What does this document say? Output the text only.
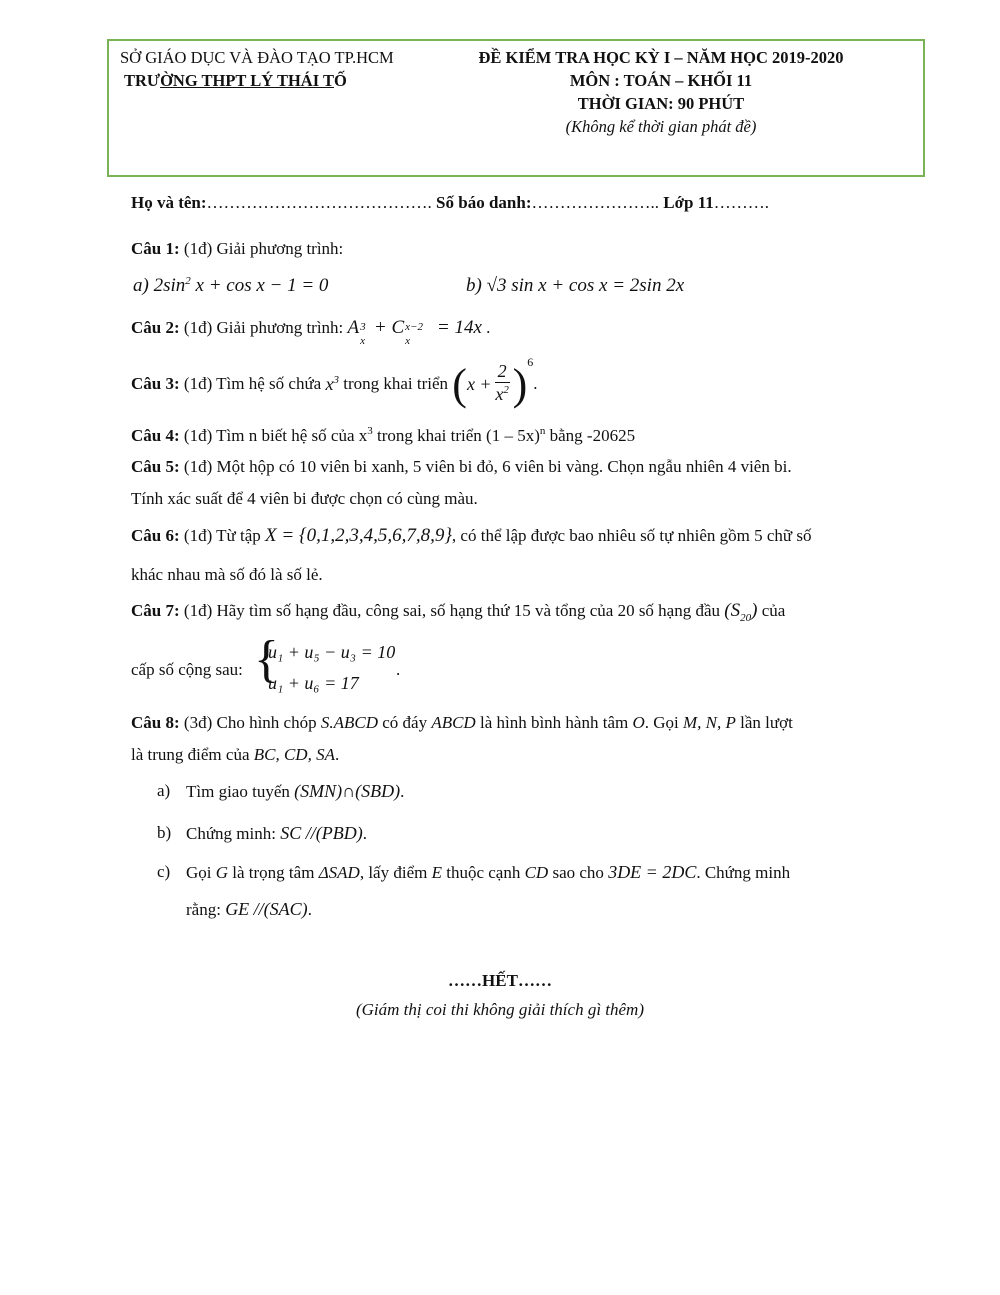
SỞ GIÁO DỤC VÀ ĐÀO TẠO TP.HCM
TRƯỜNG THPT LÝ THÁI TỐ
ĐỀ KIỂM TRA HỌC KỲ I – NĂM HỌC 2019-2020
MÔN : TOÁN – KHỐI 11
THỜI GIAN: 90 PHÚT
(Không kể thời gian phát đề)
Họ và tên:…………………………………. Số báo danh:………………….. Lớp 11……….
Câu 1: (1đ) Giải phương trình:
a) $2\sin^2$ x + cos x − 1 = 0	b) √3 sin x + cos x = 2sin 2x
Câu 2: (1đ) Giải phương trình: A 3
x
+ C x−2
x
= 14x .
Câu 3: (1đ) Tìm hệ số chứa $x^3$ trong khai triển ( $x + \frac{2}{x^2}$ ) 6
.
Câu 4: (1đ) Tìm n biết hệ số của $x^3$ trong khai triển (1 – 5x)$^n$ bằng -20625
Câu 5: (1đ) Một hộp có 10 viên bi xanh, 5 viên bi đỏ, 6 viên bi vàng. Chọn ngẫu nhiên 4 viên bi.
Tính xác suất để 4 viên bi được chọn có cùng màu.
Câu 6: (1đ) Từ tập X = {0,1,2,3,4,5,6,7,8,9}, có thể lập được bao nhiêu số tự nhiên gồm 5 chữ số
khác nhau mà số đó là số lẻ.
Câu 7: (1đ) Hãy tìm số hạng đầu, công sai, số hạng thứ 15 và tổng của 20 số hạng đầu $(S_{20})$ của
cấp số cộng sau: {
u₁ + u₅ − u₃ = 10
u₁ + u₆ = 17
.
Câu 8: (3đ) Cho hình chóp S.ABCD có đáy ABCD là hình bình hành tâm O. Gọi M, N, P lần lượt
là trung điểm của BC, CD, SA.
a) Tìm giao tuyến (SMN)∩(SBD).
b) Chứng minh: SC //(PBD).
c) Gọi G là trọng tâm ΔSAD, lấy điểm E thuộc cạnh CD sao cho 3DE = 2DC. Chứng minh
rằng: GE //(SAC).
……HẾT……
(Giám thị coi thi không giải thích gì thêm)
